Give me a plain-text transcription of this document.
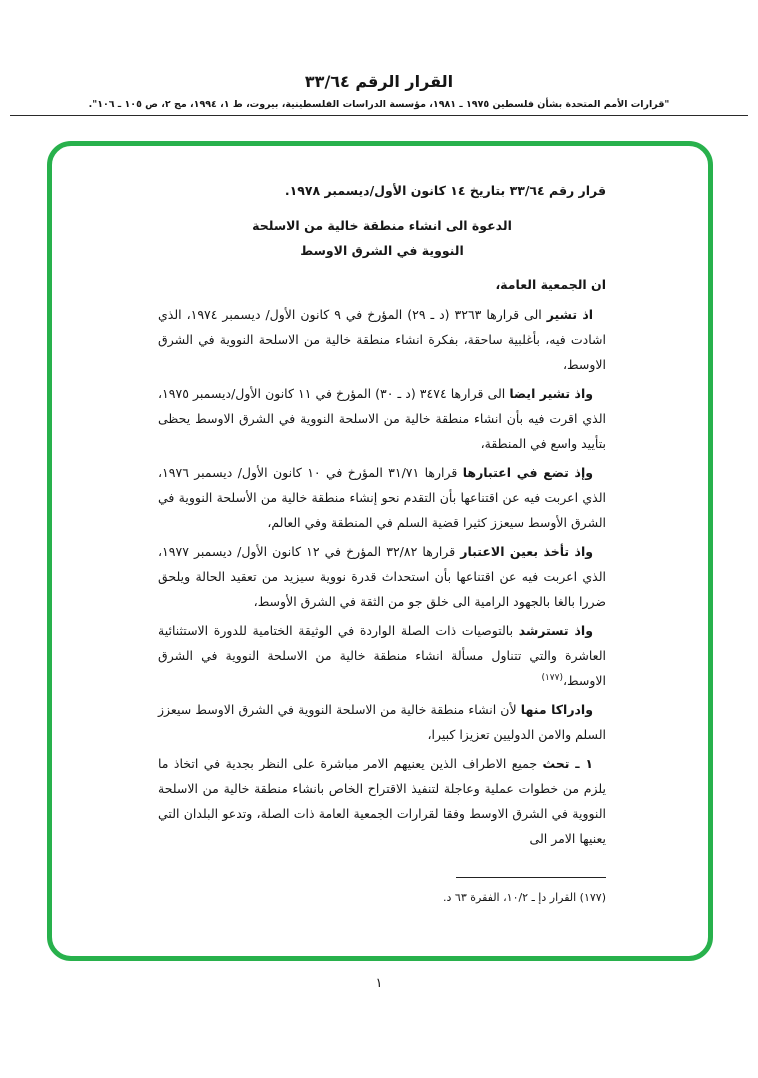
القرار الرقم ٣٣/٦٤
"قرارات الأمم المتحدة بشأن فلسطين ١٩٧٥ ـ ١٩٨١، مؤسسة الدراسات الفلسطينية، بيروت، ط ١، ١٩٩٤، مج ٢، ص ١٠٥ ـ ١٠٦".

قرار رقم ٣٣/٦٤ بتاريخ ١٤ كانون الأول/ديسمبر ١٩٧٨.

الدعوة الى انشاء منطقة خالية من الاسلحة

النووية في الشرق الاوسط

ان الجمعية العامة،

اذ تشير الى قرارها ٣٢٦٣ (د ـ ٢٩) المؤرخ في ٩ كانون الأول/ ديسمبر ١٩٧٤، الذي اشادت فيه، بأغلبية ساحقة، بفكرة انشاء منطقة خالية من الاسلحة النووية في الشرق الاوسط،

واذ تشير ايضا الى قرارها ٣٤٧٤ (د ـ ٣٠) المؤرخ في ١١ كانون الأول/ديسمبر ١٩٧٥، الذي اقرت فيه بأن انشاء منطقة خالية من الاسلحة النووية في الشرق الاوسط يحظى بتأييد واسع في المنطقة،

وإذ تضع في اعتبارها قرارها ٣١/٧١ المؤرخ في ١٠ كانون الأول/ ديسمبر ١٩٧٦، الذي اعربت فيه عن اقتناعها بأن التقدم نحو إنشاء منطقة خالية من الأسلحة النووية في الشرق الأوسط سيعزز كثيرا قضية السلم في المنطقة وفي العالم،

واذ تأخذ بعين الاعتبار قرارها ٣٢/٨٢ المؤرخ في ١٢ كانون الأول/ ديسمبر ١٩٧٧، الذي اعربت فيه عن اقتناعها بأن استحداث قدرة نووية سيزيد من تعقيد الحالة ويلحق ضررا بالغا بالجهود الرامية الى خلق جو من الثقة في الشرق الأوسط،

واذ تسترشد بالتوصيات ذات الصلة الواردة في الوثيقة الختامية للدورة الاستثنائية العاشرة والتي تتناول مسألة انشاء منطقة خالية من الاسلحة النووية في الشرق الاوسط،$^{(١٧٧)}$

وادراكا منها لأن انشاء منطقة خالية من الاسلحة النووية في الشرق الاوسط سيعزز السلم والامن الدوليين تعزيزا كبيرا،

١ ـ تحث جميع الاطراف الذين يعنيهم الامر مباشرة على النظر بجدية في اتخاذ ما يلزم من خطوات عملية وعاجلة لتنفيذ الاقتراح الخاص بانشاء منطقة خالية من الاسلحة النووية في الشرق الاوسط وفقا لقرارات الجمعية العامة ذات الصلة، وتدعو البلدان التي يعنيها الامر الى

(١٧٧) القرار دإ ـ ١٠/٢، الفقرة ٦٣ د.
١
